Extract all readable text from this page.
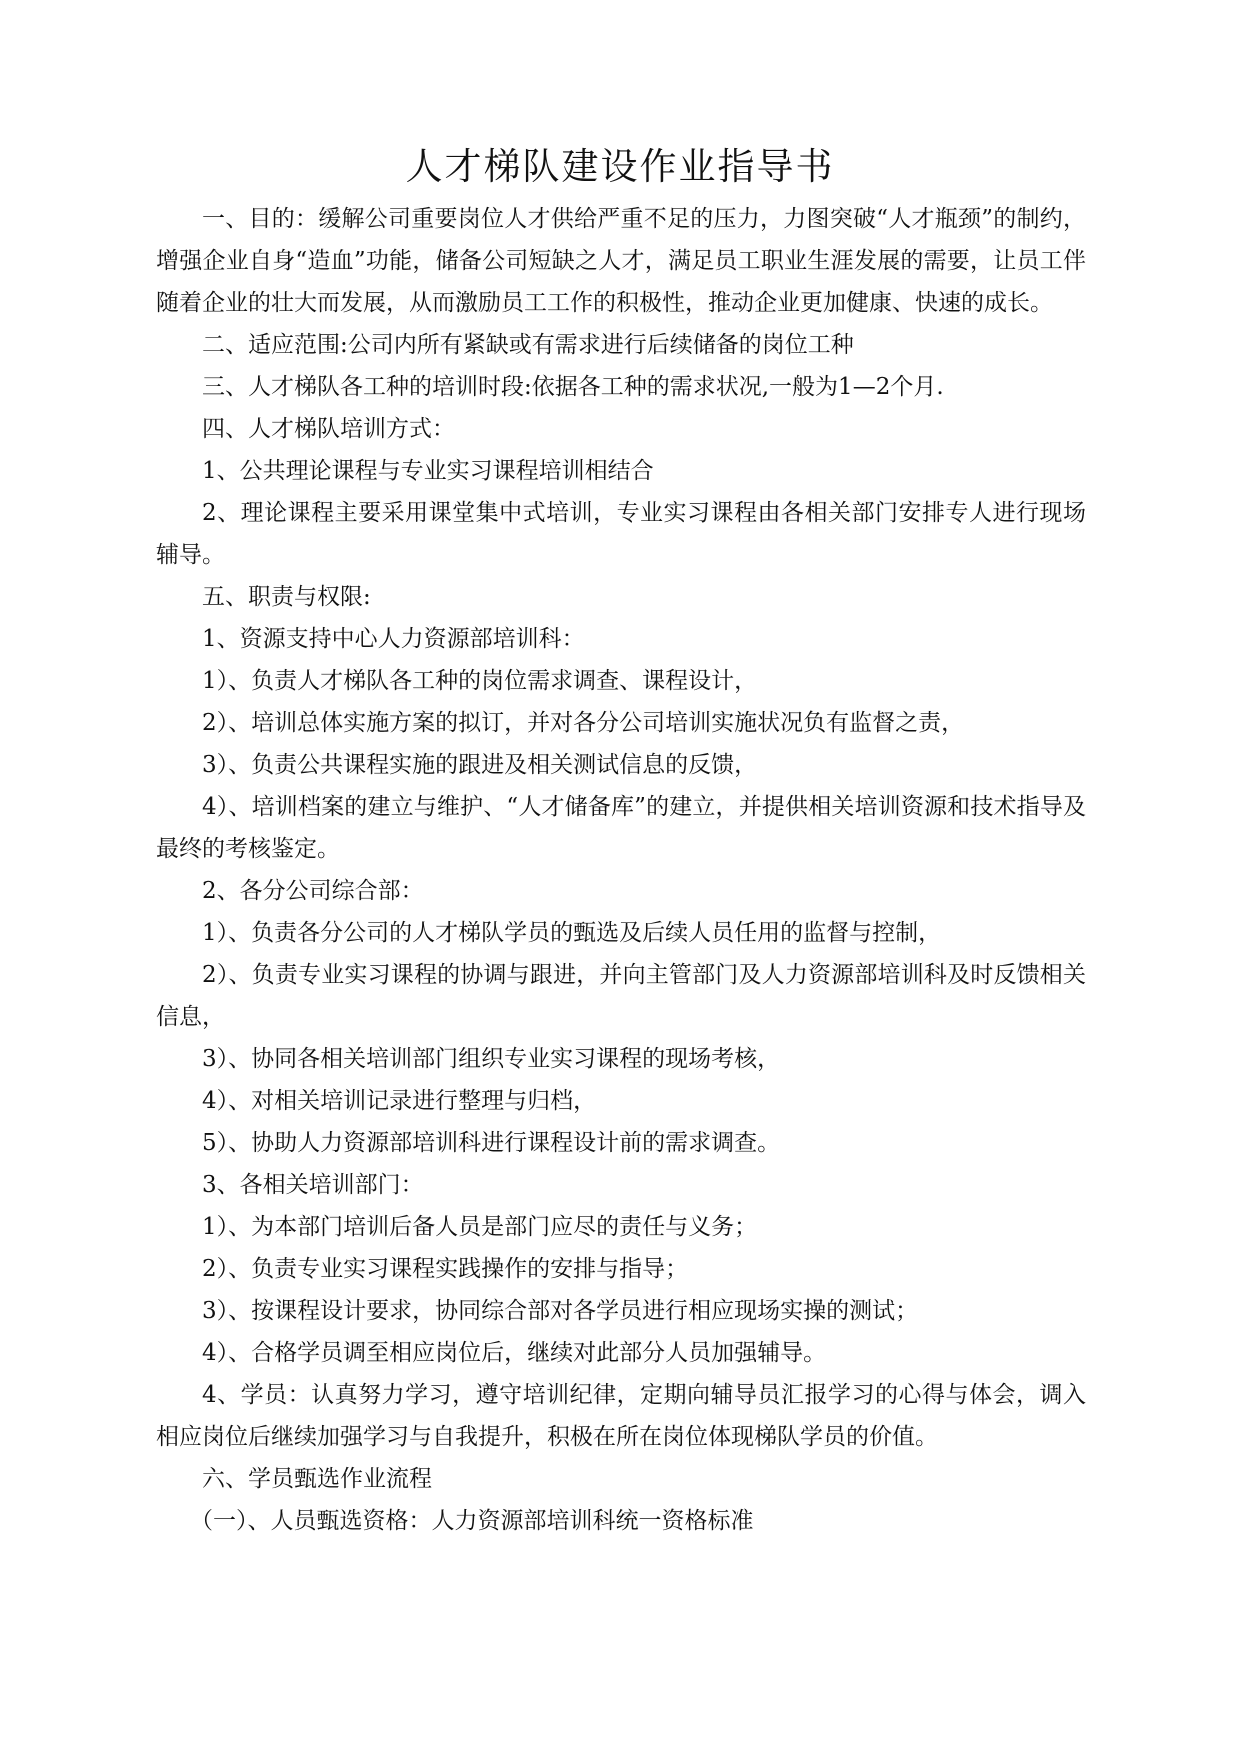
人才梯队建设作业指导书

一、目的：缓解公司重要岗位人才供给严重不足的压力，力图突破“人才瓶颈”的制约，增强企业自身“造血”功能，储备公司短缺之人才，满足员工职业生涯发展的需要，让员工伴随着企业的壮大而发展，从而激励员工工作的积极性，推动企业更加健康、快速的成长。

二、适应范围:公司内所有紧缺或有需求进行后续储备的岗位工种

三、人才梯队各工种的培训时段:依据各工种的需求状况,一般为1—2个月.

四、人才梯队培训方式：

1、公共理论课程与专业实习课程培训相结合

2、理论课程主要采用课堂集中式培训，专业实习课程由各相关部门安排专人进行现场辅导。

五、职责与权限:

1、资源支持中心人力资源部培训科：

1）、负责人才梯队各工种的岗位需求调查、课程设计，

2）、培训总体实施方案的拟订，并对各分公司培训实施状况负有监督之责，

3）、负责公共课程实施的跟进及相关测试信息的反馈，

4）、培训档案的建立与维护、“人才储备库”的建立，并提供相关培训资源和技术指导及最终的考核鉴定。

2、各分公司综合部：

1）、负责各分公司的人才梯队学员的甄选及后续人员任用的监督与控制，

2）、负责专业实习课程的协调与跟进，并向主管部门及人力资源部培训科及时反馈相关信息，

3）、协同各相关培训部门组织专业实习课程的现场考核，

4）、对相关培训记录进行整理与归档，

5）、协助人力资源部培训科进行课程设计前的需求调查。

3、各相关培训部门：

1）、为本部门培训后备人员是部门应尽的责任与义务；

2）、负责专业实习课程实践操作的安排与指导；

3）、按课程设计要求，协同综合部对各学员进行相应现场实操的测试；

4）、合格学员调至相应岗位后，继续对此部分人员加强辅导。

4、学员：认真努力学习，遵守培训纪律，定期向辅导员汇报学习的心得与体会，调入相应岗位后继续加强学习与自我提升，积极在所在岗位体现梯队学员的价值。

六、学员甄选作业流程

（一）、人员甄选资格：人力资源部培训科统一资格标准
